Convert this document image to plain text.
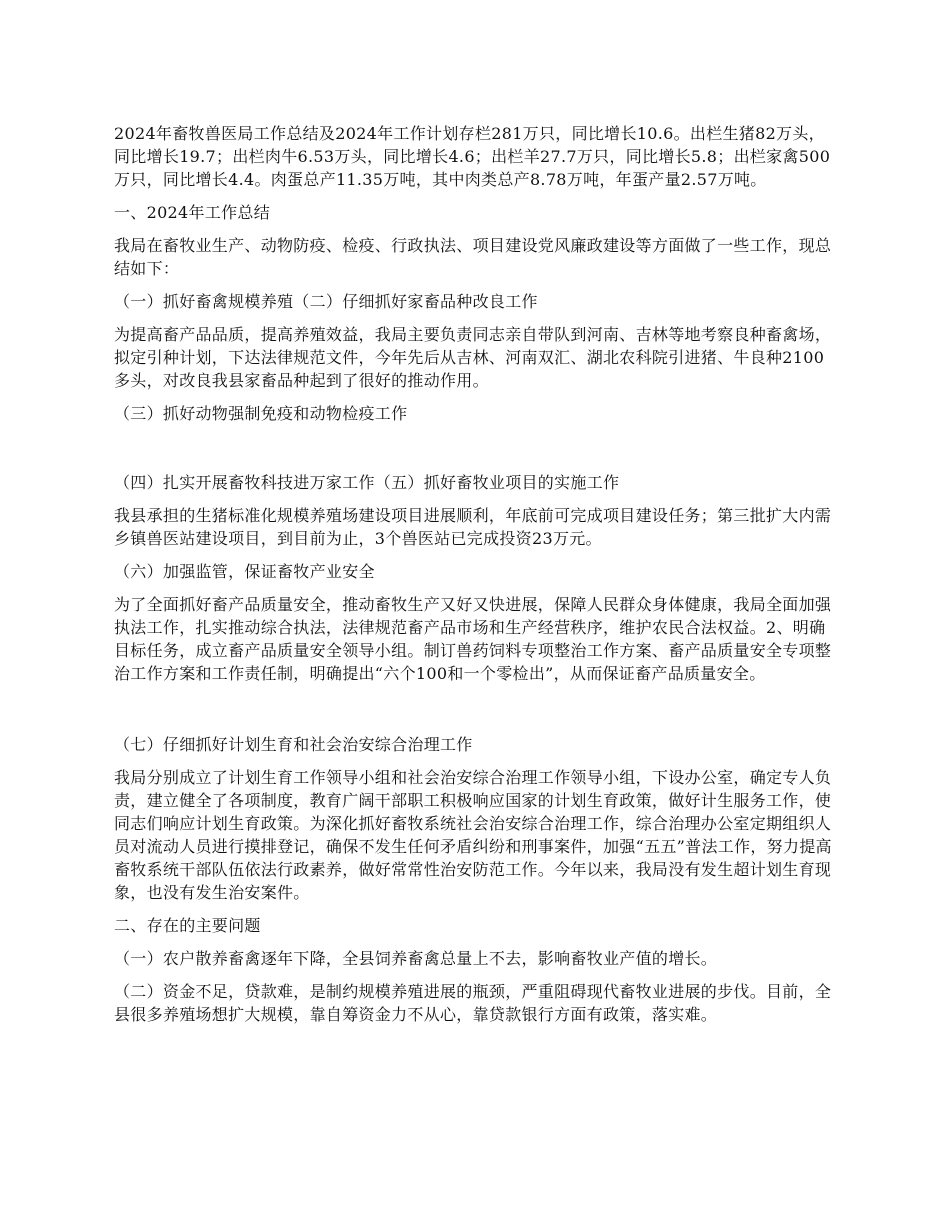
2024年畜牧兽医局工作总结及2024年工作计划存栏281万只，同比增长10.6。出栏生猪82万头，同比增长19.7；出栏肉牛6.53万头，同比增长4.6；出栏羊27.7万只，同比增长5.8；出栏家禽500万只，同比增长4.4。肉蛋总产11.35万吨，其中肉类总产8.78万吨，年蛋产量2.57万吨。

一、2024年工作总结

我局在畜牧业生产、动物防疫、检疫、行政执法、项目建设党风廉政建设等方面做了一些工作，现总结如下：

（一）抓好畜禽规模养殖（二）仔细抓好家畜品种改良工作

为提高畜产品品质，提高养殖效益，我局主要负责同志亲自带队到河南、吉林等地考察良种畜禽场，拟定引种计划，下达法律规范文件，今年先后从吉林、河南双汇、湖北农科院引进猪、牛良种2100多头，对改良我县家畜品种起到了很好的推动作用。

（三）抓好动物强制免疫和动物检疫工作

（四）扎实开展畜牧科技进万家工作（五）抓好畜牧业项目的实施工作

我县承担的生猪标准化规模养殖场建设项目进展顺利，年底前可完成项目建设任务；第三批扩大内需乡镇兽医站建设项目，到目前为止，3个兽医站已完成投资23万元。

（六）加强监管，保证畜牧产业安全

为了全面抓好畜产品质量安全，推动畜牧生产又好又快进展，保障人民群众身体健康，我局全面加强执法工作，扎实推动综合执法，法律规范畜产品市场和生产经营秩序，维护农民合法权益。2、明确目标任务，成立畜产品质量安全领导小组。制订兽药饲料专项整治工作方案、畜产品质量安全专项整治工作方案和工作责任制，明确提出“六个100和一个零检出”，从而保证畜产品质量安全。

（七）仔细抓好计划生育和社会治安综合治理工作

我局分别成立了计划生育工作领导小组和社会治安综合治理工作领导小组，下设办公室，确定专人负责，建立健全了各项制度，教育广阔干部职工积极响应国家的计划生育政策，做好计生服务工作，使同志们响应计划生育政策。为深化抓好畜牧系统社会治安综合治理工作，综合治理办公室定期组织人员对流动人员进行摸排登记，确保不发生任何矛盾纠纷和刑事案件，加强“五五”普法工作，努力提高畜牧系统干部队伍依法行政素养，做好常常性治安防范工作。今年以来，我局没有发生超计划生育现象，也没有发生治安案件。

二、存在的主要问题

（一）农户散养畜禽逐年下降，全县饲养畜禽总量上不去，影响畜牧业产值的增长。

（二）资金不足，贷款难，是制约规模养殖进展的瓶颈，严重阻碍现代畜牧业进展的步伐。目前，全县很多养殖场想扩大规模，靠自筹资金力不从心，靠贷款银行方面有政策，落实难。
